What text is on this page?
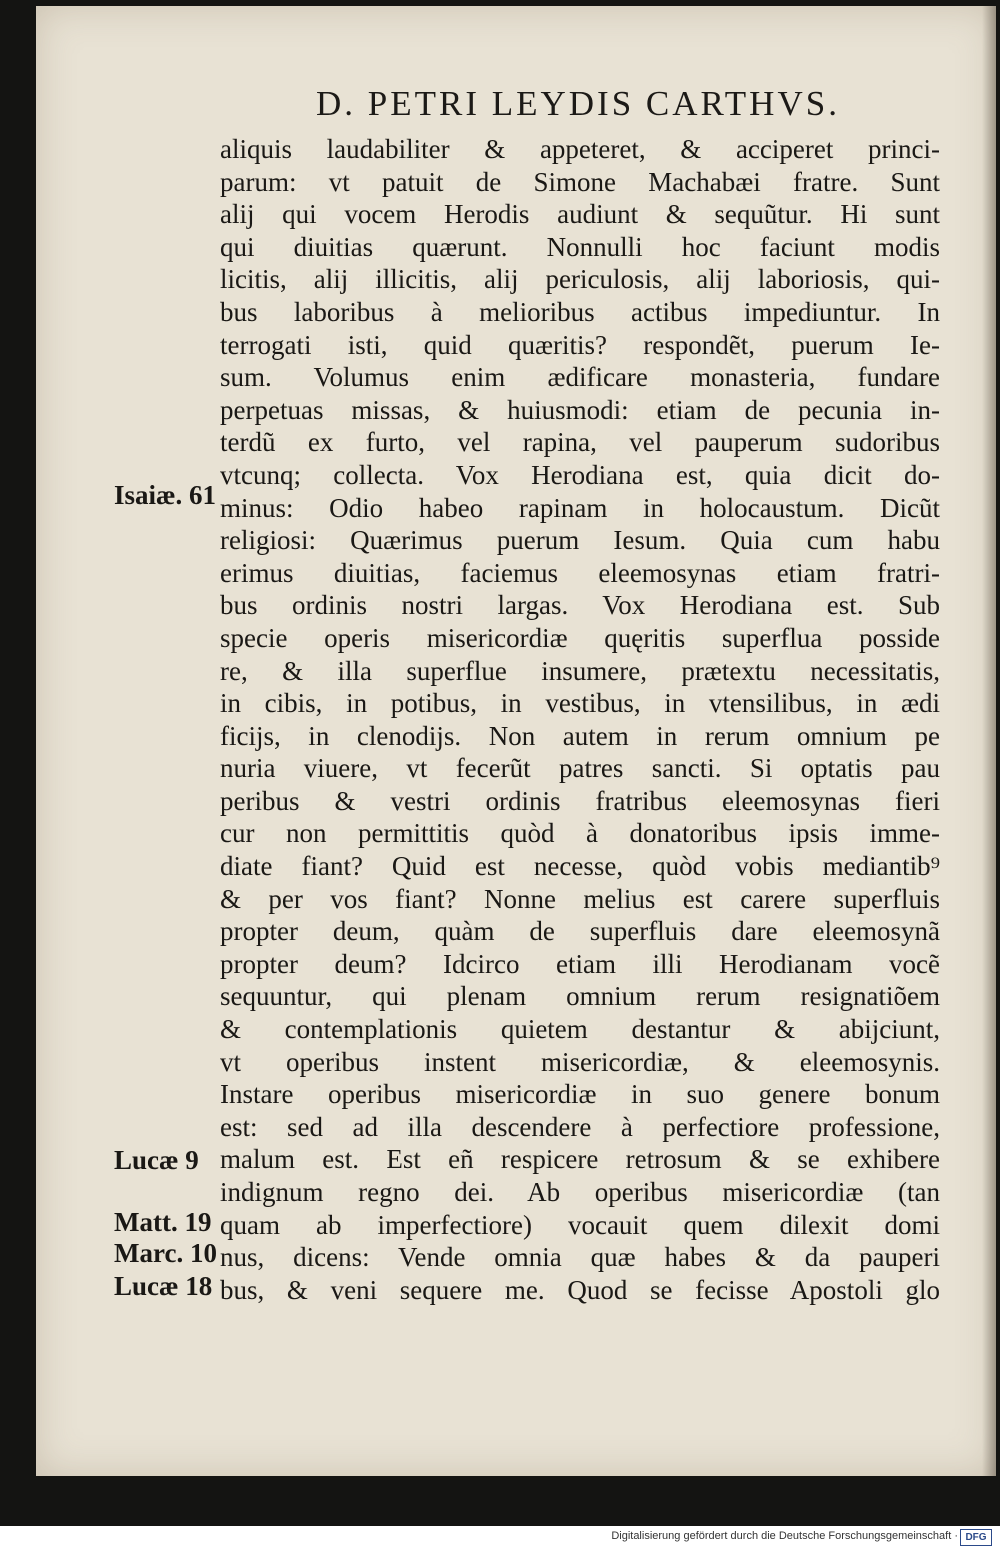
D. PETRI LEYDIS CARTHVS.
aliquis laudabiliter & appeteret, & acciperet princi-
parum: vt patuit de Simone Machabæi fratre. Sunt
alij qui vocem Herodis audiunt & sequũtur. Hi sunt
qui diuitias quærunt. Nonnulli hoc faciunt modis
licitis, alij illicitis, alij periculosis, alij laboriosis, qui-
bus laboribus à melioribus actibus impediuntur. In
terrogati isti, quid quæritis? respondẽt, puerum Ie-
sum. Volumus enim ædificare monasteria, fundare
perpetuas missas, & huiusmodi: etiam de pecunia in-
terdũ ex furto, vel rapina, vel pauperum sudoribus
vtcunq; collecta. Vox Herodiana est, quia dicit do-
minus: Odio habeo rapinam in holocaustum. Dicũt
religiosi: Quærimus puerum Iesum. Quia cum habu
erimus diuitias, faciemus eleemosynas etiam fratri-
bus ordinis nostri largas. Vox Herodiana est. Sub
specie operis misericordiæ quęritis superflua posside
re, & illa superflue insumere, prætextu necessitatis,
in cibis, in potibus, in vestibus, in vtensilibus, in ædi
ficijs, in clenodijs. Non autem in rerum omnium pe
nuria viuere, vt fecerũt patres sancti. Si optatis pau
peribus & vestri ordinis fratribus eleemosynas fieri
cur non permittitis quòd à donatoribus ipsis imme-
diate fiant? Quid est necesse, quòd vobis mediantib⁹
& per vos fiant? Nonne melius est carere superfluis
propter deum, quàm de superfluis dare eleemosynã
propter deum? Idcirco etiam illi Herodianam vocẽ
sequuntur, qui plenam omnium rerum resignatiõem
& contemplationis quietem destantur & abijciunt,
vt operibus instent misericordiæ, & eleemosynis.
Instare operibus misericordiæ in suo genere bonum
est: sed ad illa descendere à perfectiore professione,
malum est. Est eñ respicere retrosum & se exhibere
indignum regno dei. Ab operibus misericordiæ (tan
quam ab imperfectiore) vocauit quem dilexit domi
nus, dicens: Vende omnia quæ habes & da pauperi
bus, & veni sequere me. Quod se fecisse Apostoli glo
Isaiæ. 61
Lucæ 9
Matt. 19
Marc. 10
Lucæ 18
Digitalisierung gefördert durch die Deutsche Forschungsgemeinschaft · DFG
